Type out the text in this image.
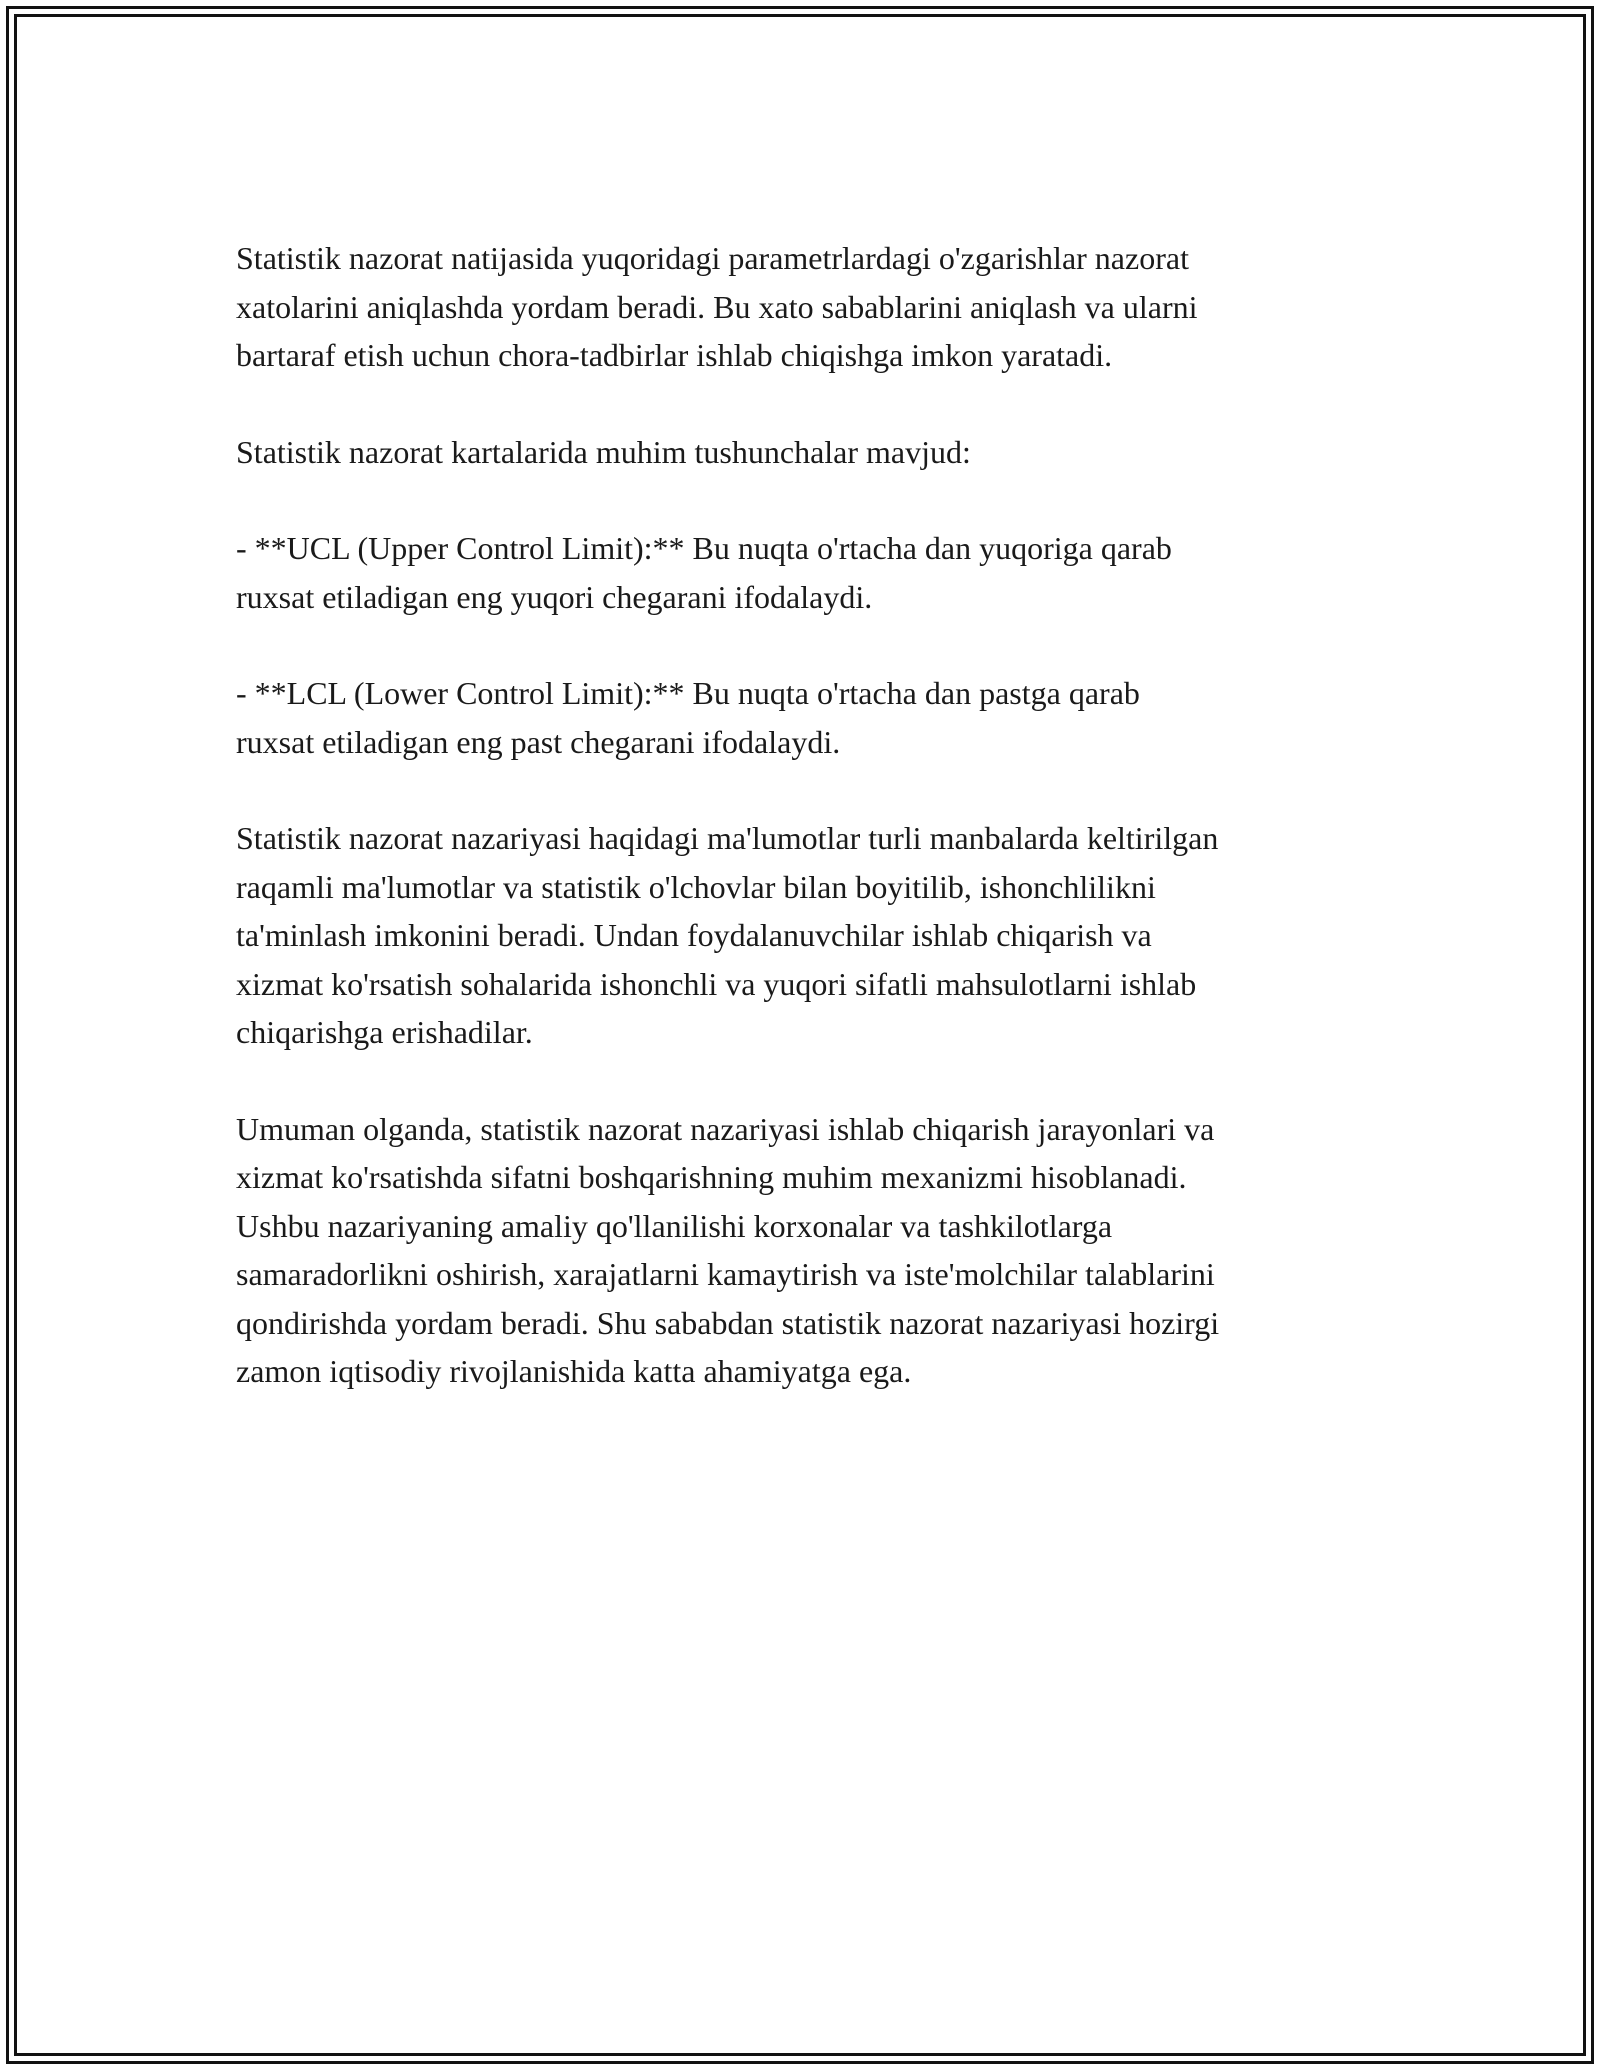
Statistik nazorat natijasida yuqoridagi parametrlardagi o'zgarishlar nazorat
xatolarini aniqlashda yordam beradi. Bu xato sabablarini aniqlash va ularni
bartaraf etish uchun chora-tadbirlar ishlab chiqishga imkon yaratadi.

Statistik nazorat kartalarida muhim tushunchalar mavjud:

- **UCL (Upper Control Limit):** Bu nuqta o'rtacha dan yuqoriga qarab
ruxsat etiladigan eng yuqori chegarani ifodalaydi.

- **LCL (Lower Control Limit):** Bu nuqta o'rtacha dan pastga qarab
ruxsat etiladigan eng past chegarani ifodalaydi.

Statistik nazorat nazariyasi haqidagi ma'lumotlar turli manbalarda keltirilgan
raqamli ma'lumotlar va statistik o'lchovlar bilan boyitilib, ishonchlilikni
ta'minlash imkonini beradi. Undan foydalanuvchilar ishlab chiqarish va
xizmat ko'rsatish sohalarida ishonchli va yuqori sifatli mahsulotlarni ishlab
chiqarishga erishadilar.

Umuman olganda, statistik nazorat nazariyasi ishlab chiqarish jarayonlari va
xizmat ko'rsatishda sifatni boshqarishning muhim mexanizmi hisoblanadi.
Ushbu nazariyaning amaliy qo'llanilishi korxonalar va tashkilotlarga
samaradorlikni oshirish, xarajatlarni kamaytirish va iste'molchilar talablarini
qondirishda yordam beradi. Shu sababdan statistik nazorat nazariyasi hozirgi
zamon iqtisodiy rivojlanishida katta ahamiyatga ega.
